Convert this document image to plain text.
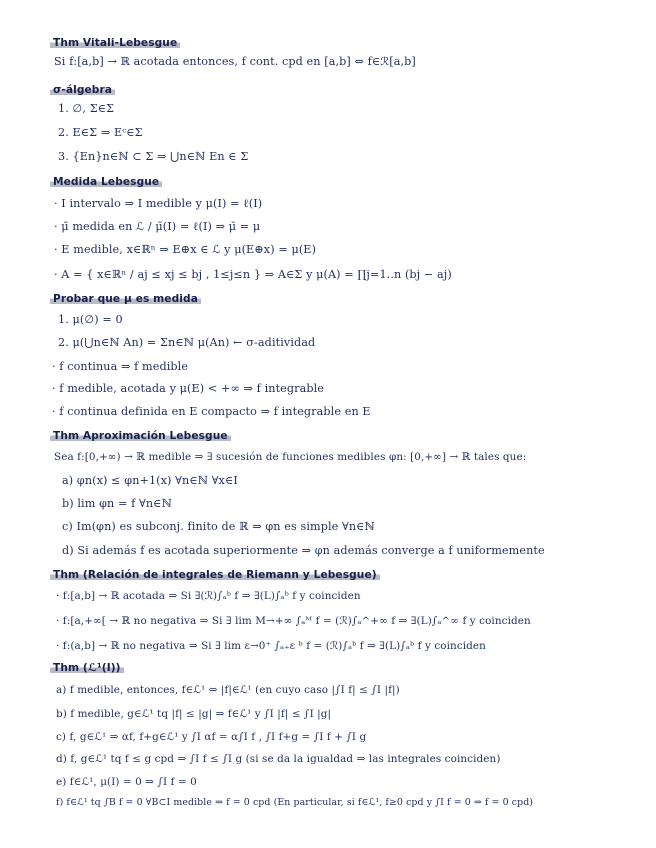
Thm Vitali-Lebesgue
Si f:[a,b] → ℝ acotada entonces, f cont. cpd en [a,b] ⇔ f∈ℛ[a,b]
σ-álgebra
1. ∅, Σ∈Σ
2. E∈Σ ⇒ Eᶜ∈Σ
3. {En}n∈ℕ ⊂ Σ ⇒ ⋃n∈ℕ En ∈ Σ
Medida Lebesgue
· I intervalo ⇒ I medible y μ(I) = ℓ(I)
· μ̄ medida en ℒ / μ̄(I) = ℓ(I) ⇒ μ̄ = μ
· E medible, x∈ℝⁿ ⇒ E⊕x ∈ ℒ y μ(E⊕x) = μ(E)
· A = { x∈ℝⁿ / aj ≤ xj ≤ bj , 1≤j≤n } ⇒ A∈Σ y μ(A) = ∏j=1..n (bj − aj)
Probar que μ es medida
1. μ(∅) = 0
2. μ(⋃n∈ℕ An) = Σn∈ℕ μ(An) ← σ-aditividad
· f continua ⇒ f medible
· f medible, acotada y μ(E) < +∞ ⇒ f integrable
· f continua definida en E compacto ⇒ f integrable en E
Thm Aproximación Lebesgue
Sea f:[0,+∞) → ℝ medible ⇒ ∃ sucesión de funciones medibles φn: [0,+∞] → ℝ tales que:
a) φn(x) ≤ φn+1(x) ∀n∈ℕ ∀x∈I
b) lim φn = f ∀n∈ℕ
c) Im(φn) es subconj. finito de ℝ ⇒ φn es simple ∀n∈ℕ
d) Si además f es acotada superiormente ⇒ φn además converge a f uniformemente
Thm (Relación de integrales de Riemann y Lebesgue)
· f:[a,b] → ℝ acotada ⇒ Si ∃(ℛ)∫ₐᵇ f ⇒ ∃(L)∫ₐᵇ f y coinciden
· f:[a,+∞[ → ℝ no negativa ⇒ Si ∃ lim M→+∞ ∫ₐᴹ f = (ℛ)∫ₐ^+∞ f ⇒ ∃(L)∫ₐ^∞ f y coinciden
· f:(a,b] → ℝ no negativa ⇒ Si ∃ lim ε→0⁺ ∫ₐ₊ε ᵇ f = (ℛ)∫ₐᵇ f ⇒ ∃(L)∫ₐᵇ f y coinciden
Thm (ℒ¹(I))
a) f medible, entonces, f∈ℒ¹ ⇔ |f|∈ℒ¹ (en cuyo caso |∫I f| ≤ ∫I |f|)
b) f medible, g∈ℒ¹ tq |f| ≤ |g| ⇒ f∈ℒ¹ y ∫I |f| ≤ ∫I |g|
c) f, g∈ℒ¹ ⇒ αf, f+g∈ℒ¹ y ∫I αf = α∫I f , ∫I f+g = ∫I f + ∫I g
d) f, g∈ℒ¹ tq f ≤ g cpd ⇒ ∫I f ≤ ∫I g (si se da la igualdad ⇒ las integrales coinciden)
e) f∈ℒ¹, μ(I) = 0 ⇒ ∫I f = 0
f) f∈ℒ¹ tq ∫B f = 0 ∀B⊂I medible ⇒ f = 0 cpd (En particular, si f∈ℒ¹, f≥0 cpd y ∫I f = 0 ⇒ f = 0 cpd)
